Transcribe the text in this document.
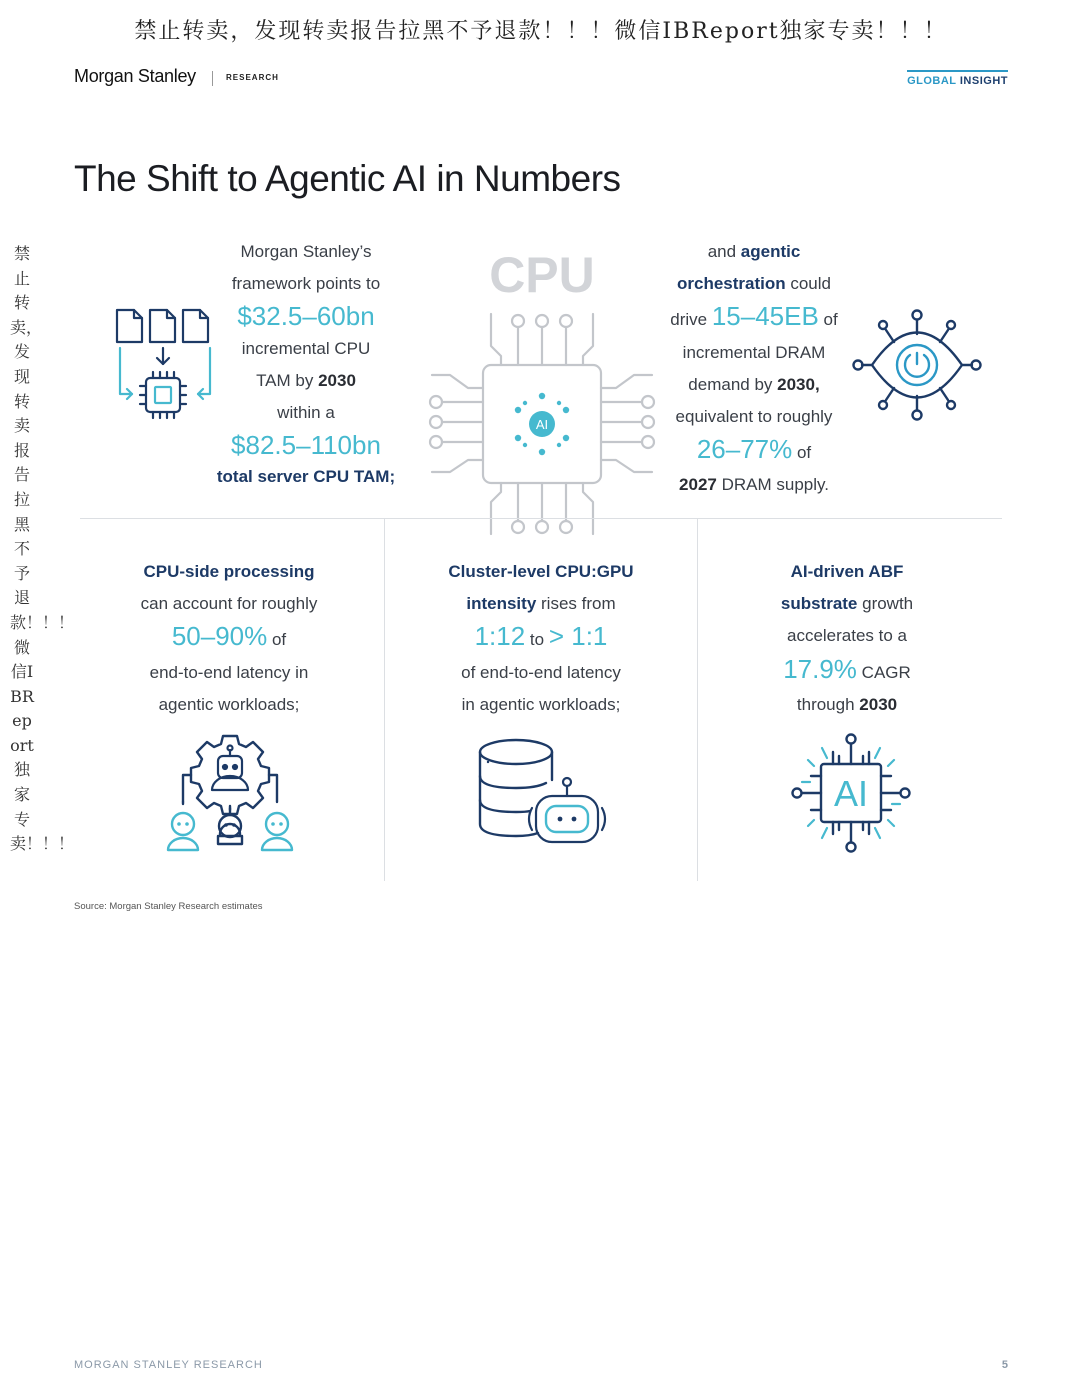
禁止转卖，发现转卖报告拉黑不予退款！！！微信IBReport独家专卖！！！
禁止转卖，发现转卖报告拉黑不予退款！！！微信IBReport独家专卖！！！
Morgan Stanley	RESEARCH	GLOBAL INSIGHT
The Shift to Agentic AI in Numbers
Morgan Stanley’s
framework points to
$32.5–60bn
incremental CPU
TAM by 2030
within a
$82.5–110bn
total server CPU TAM;
CPU
AI
and agentic
orchestration could
drive 15–45EB of
incremental DRAM
demand by 2030,
equivalent to roughly
26–77% of
2027 DRAM supply.
CPU-side processing
can account for roughly
50–90% of
end-to-end latency in
agentic workloads;
Cluster-level CPU:GPU
intensity rises from
1:12 to > 1:1
of end-to-end latency
in agentic workloads;
AI-driven ABF
substrate growth
accelerates to a
17.9% CAGR
through 2030
AI
Source: Morgan Stanley Research estimates
MORGAN STANLEY RESEARCH	5
